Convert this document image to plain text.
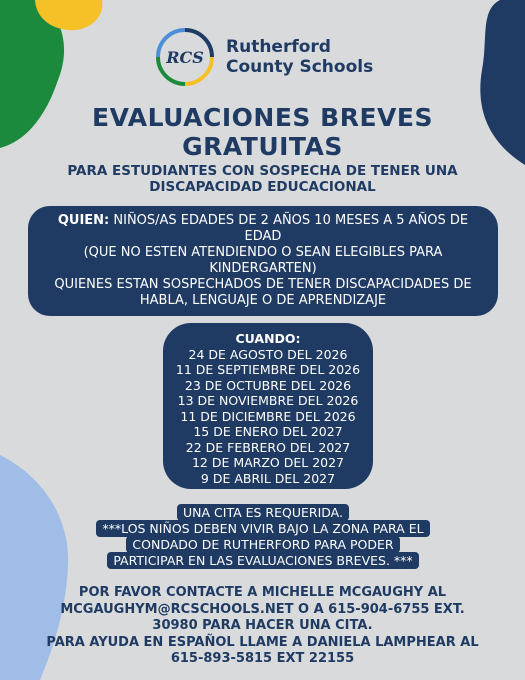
RCS
Rutherford
County Schools
EVALUACIONES BREVES
GRATUITAS
PARA ESTUDIANTES CON SOSPECHA DE TENER UNA
DISCAPACIDAD EDUCACIONAL
QUIEN: NIÑOS/AS EDADES DE 2 AÑOS 10 MESES A 5 AÑOS DE
EDAD
(QUE NO ESTEN ATENDIENDO O SEAN ELEGIBLES PARA
KINDERGARTEN)
QUIENES ESTAN SOSPECHADOS DE TENER DISCAPACIDADES DE
HABLA, LENGUAJE O DE APRENDIZAJE
CUANDO:
24 DE AGOSTO DEL 2026
11 DE SEPTIEMBRE DEL 2026
23 DE OCTUBRE DEL 2026
13 DE NOVIEMBRE DEL 2026
11 DE DICIEMBRE DEL 2026
15 DE ENERO DEL 2027
22 DE FEBRERO DEL 2027
12 DE MARZO DEL 2027
9 DE ABRIL DEL 2027
UNA CITA ES REQUERIDA.
***LOS NIÑOS DEBEN VIVIR BAJO LA ZONA PARA EL
CONDADO DE RUTHERFORD PARA PODER
PARTICIPAR EN LAS EVALUACIONES BREVES. ***
POR FAVOR CONTACTE A MICHELLE MCGAUGHY AL
MCGAUGHYM@RCSCHOOLS.NET O A 615-904-6755 EXT.
30980 PARA HACER UNA CITA.
PARA AYUDA EN ESPAÑOL LLAME A DANIELA LAMPHEAR AL
615-893-5815 EXT 22155
